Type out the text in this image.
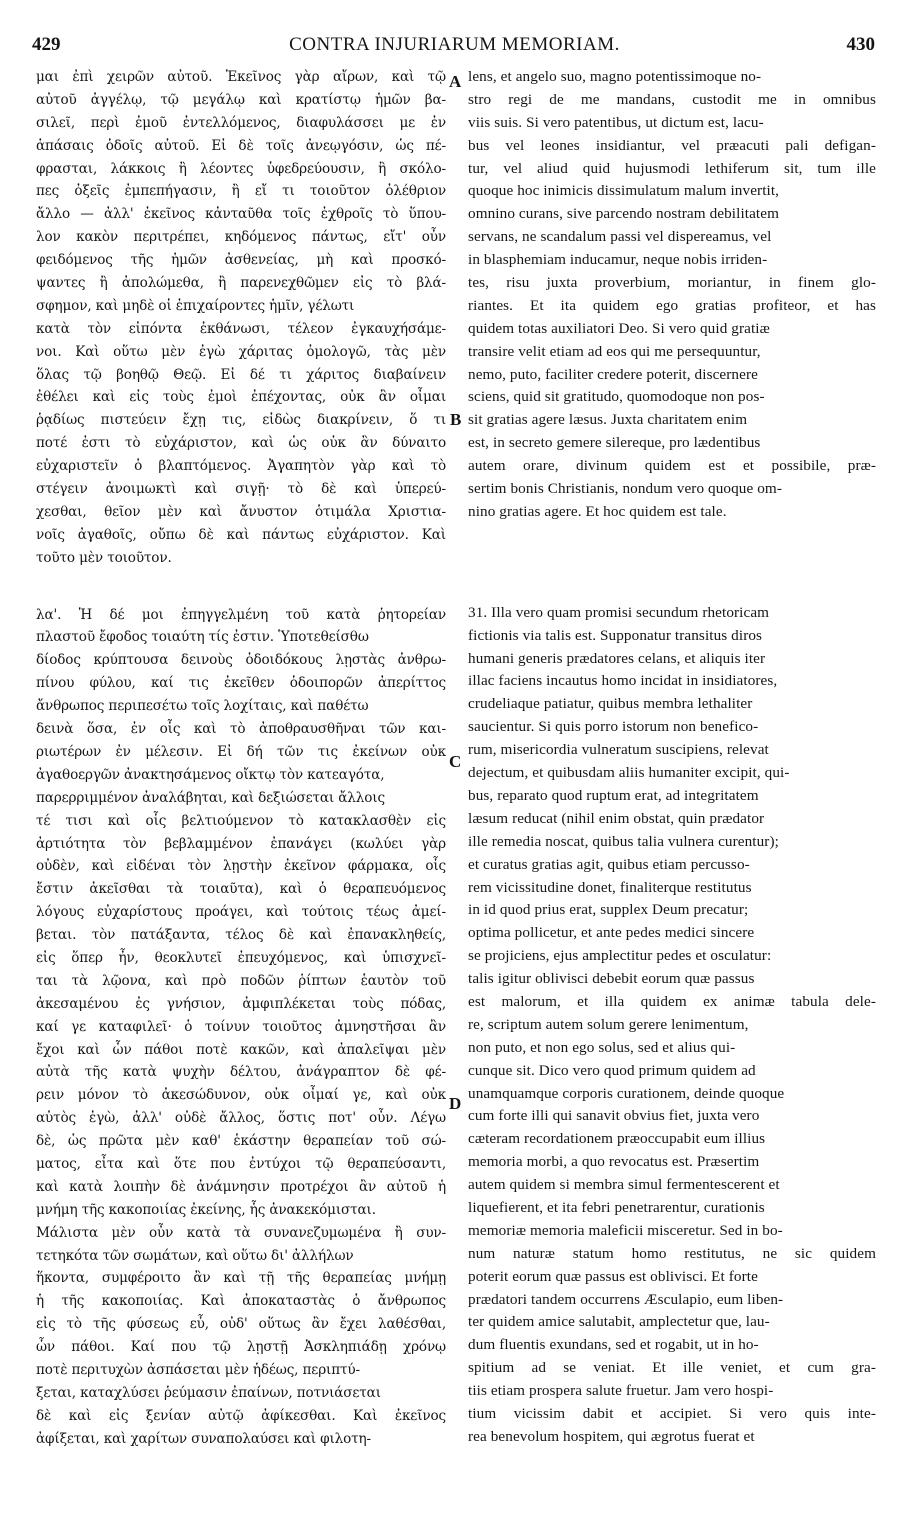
429	CONTRA INJURIARUM MEMORIAM.	430
μαι ἐπὶ χειρῶν αὐτοῦ. Ἐκεῖνος γὰρ αἴρων, καὶ τῷ
αὐτοῦ ἀγγέλῳ, τῷ μεγάλῳ καὶ κρατίστῳ ἡμῶν βα-
σιλεῖ, περὶ ἐμοῦ ἐντελλόμενος, διαφυλάσσει με ἐν
ἁπάσαις ὁδοῖς αὐτοῦ. Εἰ δὲ τοῖς ἀνεῳγόσιν, ὡς πέ-
φρασται, λάκκοις ἢ λέοντες ὑφεδρεύουσιν, ἢ σκόλο-
πες ὀξεῖς ἐμπεπήγασιν, ἢ εἴ τι τοιοῦτον ὀλέθριον
ἄλλο — ἀλλ' ἐκεῖνος κἀνταῦθα τοῖς ἐχθροῖς τὸ ὕπου-
λον κακὸν περιτρέπει, κηδόμενος πάντως, εἴτ' οὖν
φειδόμενος τῆς ἡμῶν ἀσθενείας, μὴ καὶ προσκό-
ψαντες ἢ ἀπολώμεθα, ἢ παρενεχθῶμεν εἰς τὸ βλά-
σφημον, καὶ μηδὲ οἱ ἐπιχαίροντες ἡμῖν, γέλωτι
κατὰ τὸν εἰπόντα ἐκθάνωσι, τέλεον ἐγκαυχήσάμε-
νοι. Καὶ οὕτω μὲν ἐγὼ χάριτας ὁμολογῶ, τὰς μὲν
ὅλας τῷ βοηθῷ Θεῷ. Εἰ δέ τι χάριτος διαβαίνειν
ἐθέλει καὶ εἰς τοὺς ἐμοὶ ἐπέχοντας, οὐκ ἂν οἶμαι
ῥᾳδίως πιστεύειν ἔχῃ τις, εἰδὼς διακρίνειν, ὅ τι
ποτέ ἐστι τὸ εὐχάριστον, καὶ ὡς οὐκ ἂν δύναιτο
εὐχαριστεῖν ὁ βλαπτόμενος. Ἀγαπητὸν γὰρ καὶ τὸ
στέγειν ἀνοιμωκτὶ καὶ σιγῇ· τὸ δὲ καὶ ὑπερεύ-
χεσθαι, θεῖον μὲν καὶ ἄνυστον ὁτιμάλα Χριστια-
νοῖς ἀγαθοῖς, οὔπω δὲ καὶ πάντως εὐχάριστον. Καὶ
τοῦτο μὲν τοιοῦτον.
λα'. Ἡ δέ μοι ἐπηγγελμένη τοῦ κατὰ ῥητορείαν
πλαστοῦ ἔφοδος τοιαύτη τίς ἐστιν. Ὑποτεθείσθω
δίοδος κρύπτουσα δεινοὺς ὁδοιδόκους λῃστὰς ἀνθρω-
πίνου φύλου, καί τις ἐκεῖθεν ὁδοιπορῶν ἀπερίττος
ἄνθρωπος περιπεσέτω τοῖς λοχίταις, καὶ παθέτω
δεινὰ ὅσα, ἐν οἷς καὶ τὸ ἀποθραυσθῆναι τῶν και-
ριωτέρων ἐν μέλεσιν. Εἰ δή τῶν τις ἐκείνων οὐκ
ἀγαθοεργῶν ἀνακτησάμενος οἴκτῳ τὸν κατεαγότα,
παρερριμμένον ἀναλάβηται, καὶ δεξιώσεται ἄλλοις
τέ τισι καὶ οἷς βελτιούμενον τὸ κατακλασθὲν εἰς
ἀρτιότητα τὸν βεβλαμμένον ἐπανάγει (κωλύει γὰρ
οὐδὲν, καὶ εἰδέναι τὸν λῃστὴν ἐκεῖνον φάρμακα, οἷς
ἔστιν ἀκεῖσθαι τὰ τοιαῦτα), καὶ ὁ θεραπευόμενος
λόγους εὐχαρίστους προάγει, καὶ τούτοις τέως ἀμεί-
βεται. τὸν πατάξαντα, τέλος δὲ καὶ ἐπανακληθείς,
εἰς ὅπερ ἦν, θεοκλυτεῖ ἐπευχόμενος, καὶ ὑπισχνεῖ-
ται τὰ λῷονα, καὶ πρὸ ποδῶν ῥίπτων ἑαυτὸν τοῦ
ἀκεσαμένου ἐς γνήσιον, ἀμφιπλέκεται τοὺς πόδας,
καί γε καταφιλεῖ· ὁ τοίνυν τοιοῦτος ἀμνηστῆσαι ἂν
ἔχοι καὶ ὧν πάθοι ποτὲ κακῶν, καὶ ἀπαλεῖψαι μὲν
αὐτὰ τῆς κατὰ ψυχὴν δέλτου, ἀνάγραπτον δὲ φέ-
ρειν μόνον τὸ ἀκεσώδυνον, οὐκ οἶμαί γε, καὶ οὐκ
αὐτὸς ἐγὼ, ἀλλ' οὐδὲ ἄλλος, ὅστις ποτ' οὖν. Λέγω
δὲ, ὡς πρῶτα μὲν καθ' ἑκάστην θεραπείαν τοῦ σώ-
ματος, εἶτα καὶ ὅτε που ἐντύχοι τῷ θεραπεύσαντι,
καὶ κατὰ λοιπὴν δὲ ἀνάμνησιν προτρέχοι ἂν αὐτοῦ ἡ
μνήμη τῆς κακοποιίας ἐκείνης, ἧς ἀνακεκόμισται.
Μάλιστα μὲν οὖν κατὰ τὰ συνανεζυμωμένα ἢ συν-
τετηκότα τῶν σωμάτων, καὶ οὕτω δι' ἀλλήλων
ἥκοντα, συμφέροιτο ἂν καὶ τῇ τῆς θεραπείας μνήμῃ
ἡ τῆς κακοποιίας. Καὶ ἀποκαταστὰς ὁ ἄνθρωπος
εἰς τὸ τῆς φύσεως εὖ, οὐδ' οὕτως ἂν ἔχει λαθέσθαι,
ὧν πάθοι. Καί που τῷ λῃστῇ Ἀσκληπιάδῃ χρόνῳ
ποτὲ περιτυχὼν ἀσπάσεται μὲν ἡδέως, περιπτύ-
ξεται, καταχλύσει ῥεύμασιν ἐπαίνων, ποτνιάσεται
δὲ καὶ εἰς ξενίαν αὐτῷ ἀφίκεσθαι. Καὶ ἐκεῖνος
ἀφίξεται, καὶ χαρίτων συναπολαύσει καὶ φιλοτη-
lens, et angelo suo, magno potentissimoque no-
stro regi de me mandans, custodit me in omnibus
viis suis. Si vero patentibus, ut dictum est, lacu-
bus vel leones insidiantur, vel præacuti pali defigan-
tur, vel aliud quid hujusmodi lethiferum sit, tum ille
quoque hoc inimicis dissimulatum malum invertit,
omnino curans, sive parcendo nostram debilitatem
servans, ne scandalum passi vel dispereamus, vel
in blasphemiam inducamur, neque nobis irriden-
tes, risu juxta proverbium, moriantur, in finem glo-
riantes. Et ita quidem ego gratias profiteor, et has
quidem totas auxiliatori Deo. Si vero quid gratiæ
transire velit etiam ad eos qui me persequuntur,
nemo, puto, faciliter credere poterit, discernere
sciens, quid sit gratitudo, quomodoque non pos-
sit gratias agere læsus. Juxta charitatem enim
est, in secreto gemere silereque, pro lædentibus
autem orare, divinum quidem est et possibile, præ-
sertim bonis Christianis, nondum vero quoque om-
nino gratias agere. Et hoc quidem est tale.
31. Illa vero quam promisi secundum rhetoricam
fictionis via talis est. Supponatur transitus diros
humani generis prædatores celans, et aliquis iter
illac faciens incautus homo incidat in insidiatores,
crudeliaque patiatur, quibus membra lethaliter
saucientur. Si quis porro istorum non benefico-
rum, misericordia vulneratum suscipiens, relevat
dejectum, et quibusdam aliis humaniter excipit, qui-
bus, reparato quod ruptum erat, ad integritatem
læsum reducat (nihil enim obstat, quin prædator
ille remedia noscat, quibus talia vulnera curentur);
et curatus gratias agit, quibus etiam percusso-
rem vicissitudine donet, finaliterque restitutus
in id quod prius erat, supplex Deum precatur;
optima pollicetur, et ante pedes medici sincere
se projiciens, ejus amplectitur pedes et osculatur:
talis igitur oblivisci debebit eorum quæ passus
est malorum, et illa quidem ex animæ tabula dele-
re, scriptum autem solum gerere lenimentum,
non puto, et non ego solus, sed et alius qui-
cunque sit. Dico vero quod primum quidem ad
unamquamque corporis curationem, deinde quoque
cum forte illi qui sanavit obvius fiet, juxta vero
cæteram recordationem præoccupabit eum illius
memoria morbi, a quo revocatus est. Præsertim
autem quidem si membra simul fermentescerent et
liquefierent, et ita febri penetrarentur, curationis
memoriæ memoria maleficii misceretur. Sed in bo-
num naturæ statum homo restitutus, ne sic quidem
poterit eorum quæ passus est oblivisci. Et forte
prædatori tandem occurrens Æsculapio, eum liben-
ter quidem amice salutabit, amplectetur que, lau-
dum fluentis exundans, sed et rogabit, ut in ho-
spitium ad se veniat. Et ille veniet, et cum gra-
tiis etiam prospera salute fruetur. Jam vero hospi-
tium vicissim dabit et accipiet. Si vero quis inte-
rea benevolum hospitem, qui ægrotus fuerat et
A
B
C
D
